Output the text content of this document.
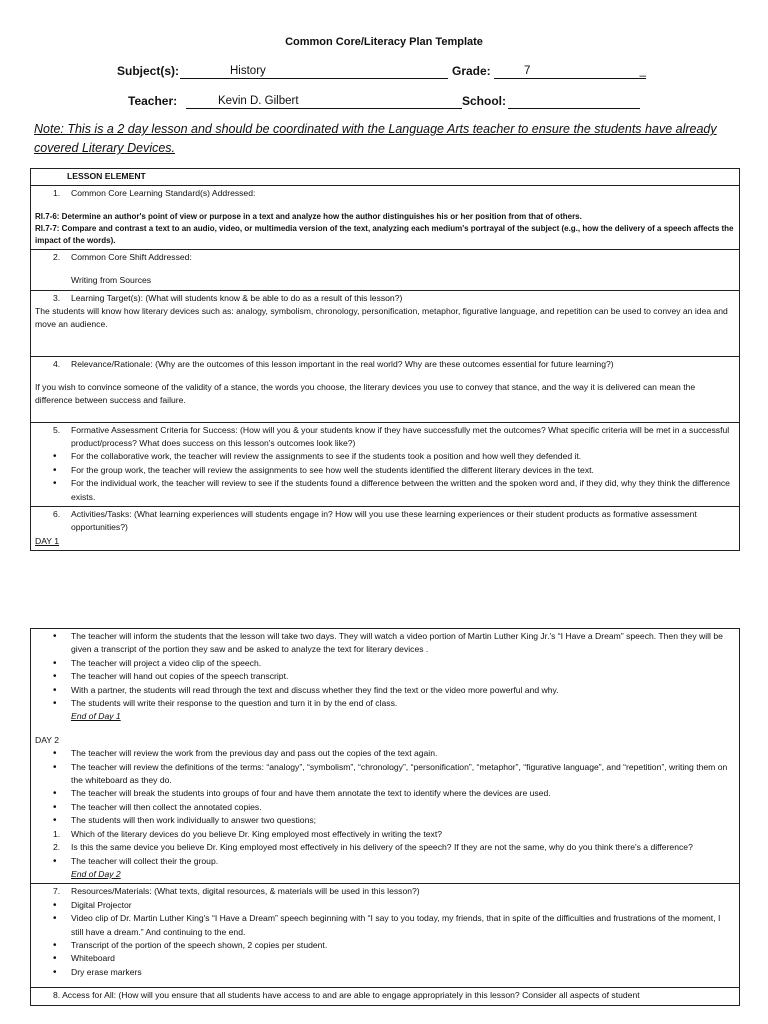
Common Core/Literacy Plan Template
Subject(s):	History	Grade:	7	_
Teacher:	Kevin D. Gilbert	School:
Note: This is a 2 day lesson and should be coordinated with the Language Arts teacher to ensure the students have already covered Literary Devices.
LESSON ELEMENT

1. Common Core Learning Standard(s) Addressed:
RI.7-6: Determine an author's point of view or purpose in a text and analyze how the author distinguishes his or her position from that of others.
RI.7-7: Compare and contrast a text to an audio, video, or multimedia version of the text, analyzing each medium's portrayal of the subject (e.g., how the delivery of a speech affects the impact of the words).

2. Common Core Shift Addressed:
Writing from Sources

3. Learning Target(s): (What will students know & be able to do as a result of this lesson?)
The students will know how literary devices such as: analogy, symbolism, chronology, personification, metaphor, figurative language, and repetition can be used to convey an idea and move an audience.

4. Relevance/Rationale: (Why are the outcomes of this lesson important in the real world? Why are these outcomes essential for future learning?)
If you wish to convince someone of the validity of a stance, the words you choose, the literary devices you use to convey that stance, and the way it is delivered can mean the difference between success and failure.

5.	Formative Assessment Criteria for Success: (How will you & your students know if they have successfully met the outcomes? What specific criteria will be met in a successful product/process? What does success on this lesson's outcomes look like?)
• For the collaborative work, the teacher will review the assignments to see if the students took a position and how well they defended it.
• For the group work, the teacher will review the assignments to see how well the students identified the different literary devices in the text.
• For the individual work, the teacher will review to see if the students found a difference between the written and the spoken word and, if they did, why they think the difference exists.

6.	Activities/Tasks: (What learning experiences will students engage in? How will you use these learning experiences or their student products as formative assessment opportunities?)
DAY 1
• The teacher will inform the students that the lesson will take two days. They will watch a video portion of Martin Luther King Jr.'s “I Have a Dream” speech. Then they will be given a transcript of the portion they saw and be asked to analyze the text for literary devices .
• The teacher will project a video clip of the speech.
• The teacher will hand out copies of the speech transcript.
• With a partner, the students will read through the text and discuss whether they find the text or the video more powerful and why.
• The students will write their response to the question and turn it in by the end of class.
End of Day 1
DAY 2
• The teacher will review the work from the previous day and pass out the copies of the text again.
• The teacher will review the definitions of the terms: “analogy”, “symbolism”, “chronology”, “personification”, “metaphor”, “figurative language”, and “repetition”, writing them on the whiteboard as they do.
• The teacher will break the students into groups of four and have them annotate the text to identify where the devices are used.
• The teacher will then collect the annotated copies.
• The students will then work individually to answer two questions;
1.	Which of the literary devices do you believe Dr. King employed most effectively in writing the text?
2.	Is this the same device you believe Dr. King employed most effectively in his delivery of the speech? If they are not the same, why do you think there's a difference?
• The teacher will collect their the group.
End of Day 2

7. Resources/Materials: (What texts, digital resources, & materials will be used in this lesson?)
• Digital Projector
• Video clip of Dr. Martin Luther King's “I Have a Dream” speech beginning with “I say to you today, my friends, that in spite of the difficulties and frustrations of the moment, I still have a dream.” And continuing to the end.
• Transcript of the portion of the speech shown, 2 copies per student.
• Whiteboard
• Dry erase markers

8. Access for All: (How will you ensure that all students have access to and are able to engage appropriately in this lesson? Consider all aspects of student
